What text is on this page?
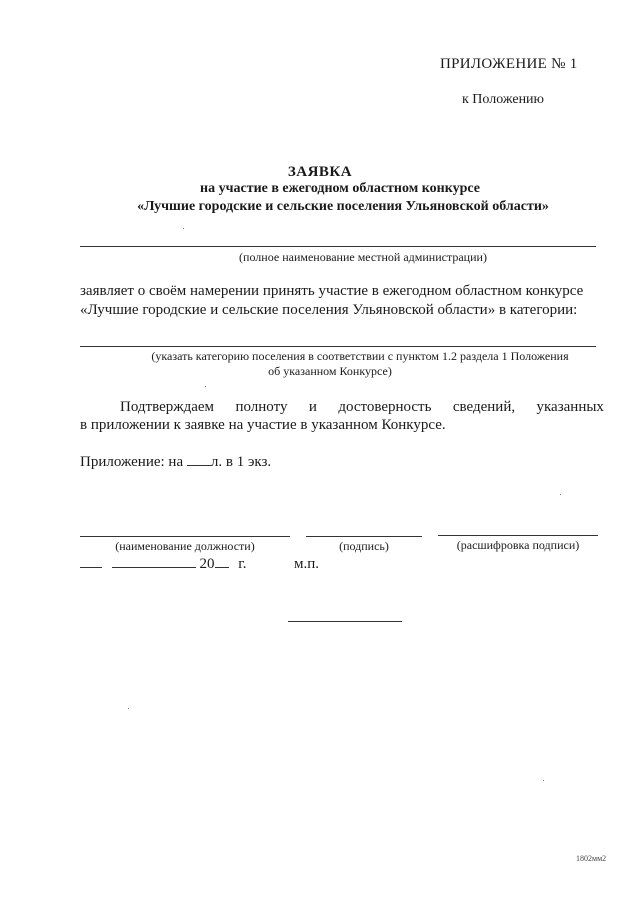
ПРИЛОЖЕНИЕ № 1
к Положению
ЗАЯВКА
на участие в ежегодном областном конкурсе
«Лучшие городские и сельские поселения Ульяновской области»
(полное наименование местной администрации)
заявляет о своём намерении принять участие в ежегодном областном конкурсе
«Лучшие городские и сельские поселения Ульяновской области» в категории:
(указать категорию поселения в соответствии с пунктом 1.2 раздела 1 Положения
об указанном Конкурсе)
Подтверждаем полноту и достоверность сведений, указанных
в приложении к заявке на участие в указанном Конкурсе.
Приложение: на л. в 1 экз.
(наименование должности)	(подпись)	(расшифровка подписи)
20 г.	м.п.
1802мм2
